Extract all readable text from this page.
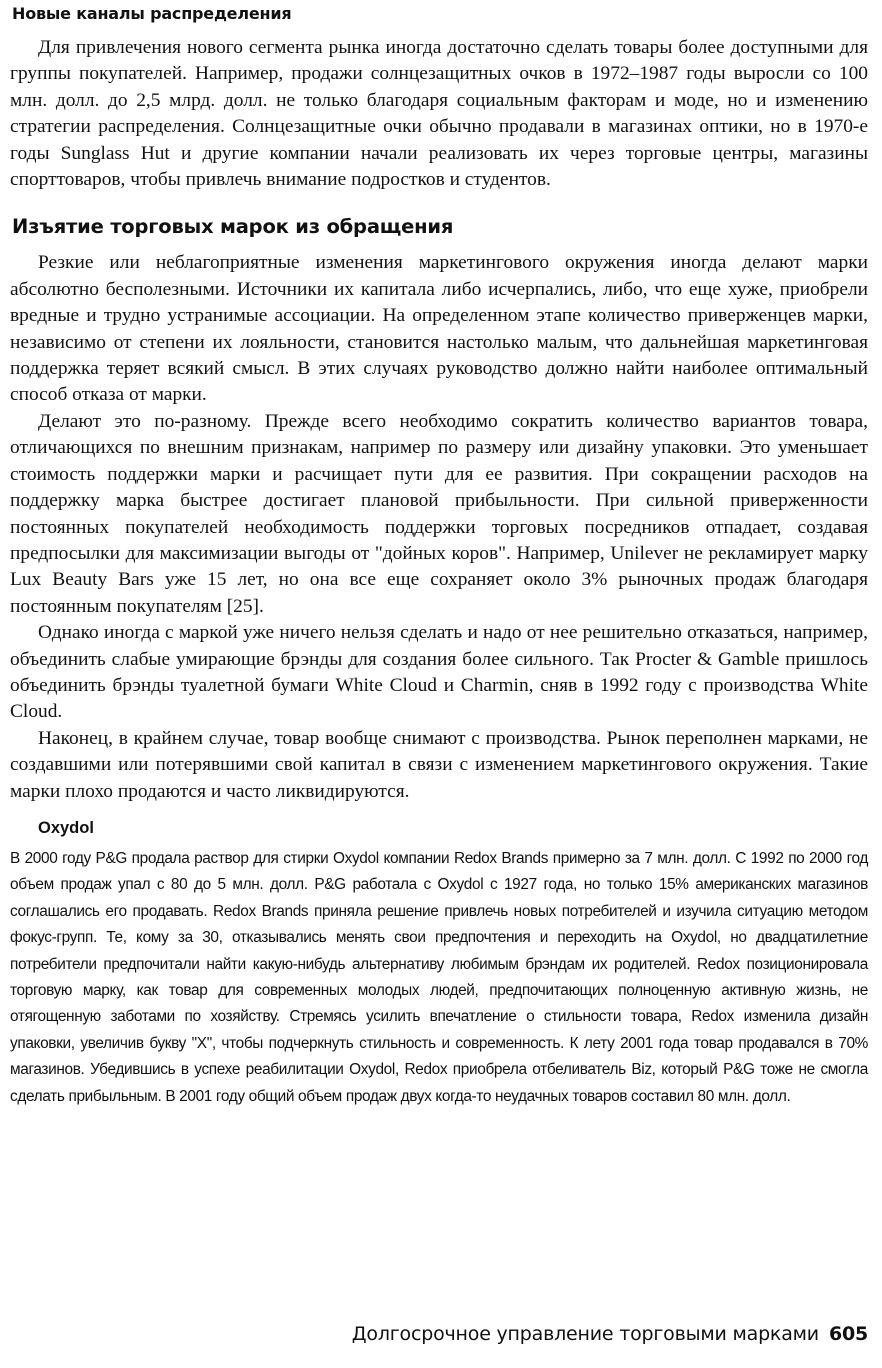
Новые каналы распределения

Для привлечения нового сегмента рынка иногда достаточно сделать товары более доступными для группы покупателей. Например, продажи солнцезащитных очков в 1972–1987 годы выросли со 100 млн. долл. до 2,5 млрд. долл. не только благодаря социальным факторам и моде, но и изменению стратегии распределения. Солнцезащитные очки обычно продавали в магазинах оптики, но в 1970-е годы Sunglass Hut и другие компании начали реализовать их через торговые центры, магазины спорттоваров, чтобы привлечь внимание подростков и студентов.

Изъятие торговых марок из обращения

Резкие или неблагоприятные изменения маркетингового окружения иногда делают марки абсолютно бесполезными. Источники их капитала либо исчерпались, либо, что еще хуже, приобрели вредные и трудно устранимые ассоциации. На определенном этапе количество приверженцев марки, независимо от степени их лояльности, становится настолько малым, что дальнейшая маркетинговая поддержка теряет всякий смысл. В этих случаях руководство должно найти наиболее оптимальный способ отказа от марки.

Делают это по-разному. Прежде всего необходимо сократить количество вариантов товара, отличающихся по внешним признакам, например по размеру или дизайну упаковки. Это уменьшает стоимость поддержки марки и расчищает пути для ее развития. При сокращении расходов на поддержку марка быстрее достигает плановой прибыльности. При сильной приверженности постоянных покупателей необходимость поддержки торговых посредников отпадает, создавая предпосылки для максимизации выгоды от "дойных коров". Например, Unilever не рекламирует марку Lux Beauty Bars уже 15 лет, но она все еще сохраняет около 3% рыночных продаж благодаря постоянным покупателям [25].

Однако иногда с маркой уже ничего нельзя сделать и надо от нее решительно отказаться, например, объединить слабые умирающие брэнды для создания более сильного. Так Procter & Gamble пришлось объединить брэнды туалетной бумаги White Cloud и Charmin, сняв в 1992 году с производства White Cloud.

Наконец, в крайнем случае, товар вообще снимают с производства. Рынок переполнен марками, не создавшими или потерявшими свой капитал в связи с изменением маркетингового окружения. Такие марки плохо продаются и часто ликвидируются.

Oxydol

В 2000 году P&G продала раствор для стирки Oxydol компании Redox Brands примерно за 7 млн. долл. С 1992 по 2000 год объем продаж упал с 80 до 5 млн. долл. P&G работала с Oxydol с 1927 года, но только 15% американских магазинов соглашались его продавать. Redox Brands приняла решение привлечь новых потребителей и изучила ситуацию методом фокус-групп. Те, кому за 30, отказывались менять свои предпочтения и переходить на Oxydol, но двадцатилетние потребители предпочитали найти какую-нибудь альтернативу любимым брэндам их родителей. Redox позиционировала торговую марку, как товар для современных молодых людей, предпочитающих полноценную активную жизнь, не отягощенную заботами по хозяйству. Стремясь усилить впечатление о стильности товара, Redox изменила дизайн упаковки, увеличив букву "X", чтобы подчеркнуть стильность и современность. К лету 2001 года товар продавался в 70% магазинов. Убедившись в успехе реабилитации Oxydol, Redox приобрела отбеливатель Biz, который P&G тоже не смогла сделать прибыльным. В 2001 году общий объем продаж двух когда-то неудачных товаров составил 80 млн. долл.

Долгосрочное управление торговыми марками 605
